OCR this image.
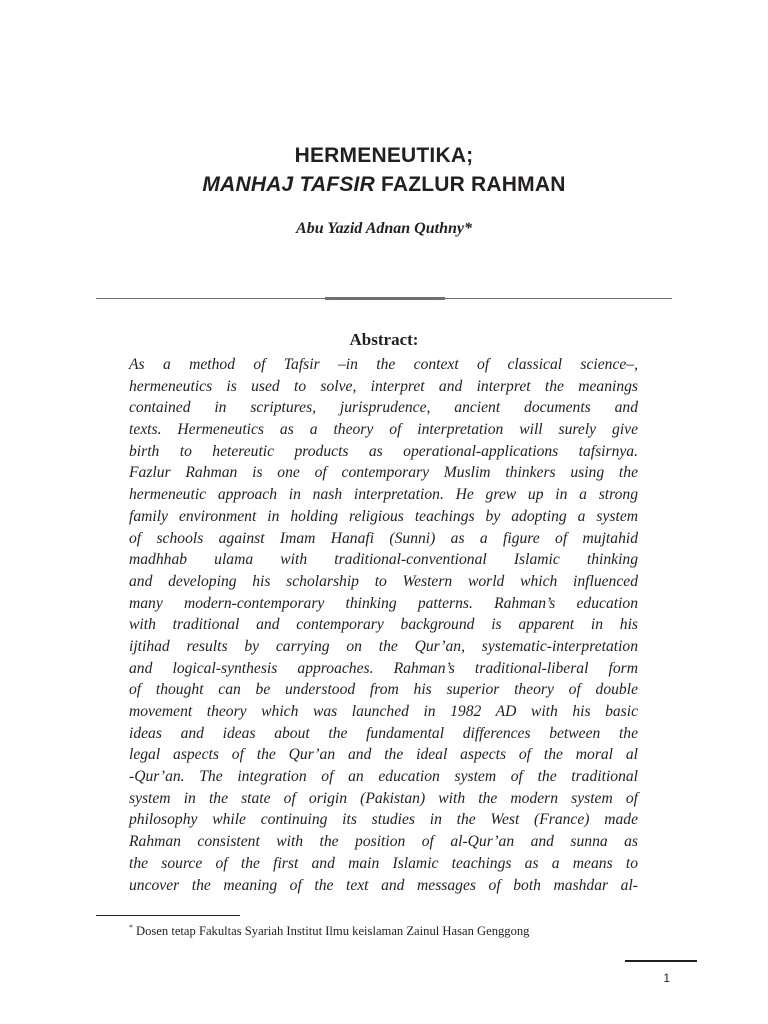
HERMENEUTIKA;
MANHAJ TAFSIR FAZLUR RAHMAN
Abu Yazid Adnan Quthny*
Abstract:
As a method of Tafsir –in the context of classical science–,
hermeneutics is used to solve, interpret and interpret the meanings
contained in scriptures, jurisprudence, ancient documents and
texts. Hermeneutics as a theory of interpretation will surely give
birth to hetereutic products as operational-applications tafsirnya.
Fazlur Rahman is one of contemporary Muslim thinkers using the
hermeneutic approach in nash interpretation. He grew up in a strong
family environment in holding religious teachings by adopting a system
of schools against Imam Hanafi (Sunni) as a figure of mujtahid
madhhab ulama with traditional-conventional Islamic thinking
and developing his scholarship to Western world which influenced
many modern-contemporary thinking patterns. Rahman’s education
with traditional and contemporary background is apparent in his
ijtihad results by carrying on the Qur’an, systematic-interpretation
and logical-synthesis approaches. Rahman’s traditional-liberal form
of thought can be understood from his superior theory of double
movement theory which was launched in 1982 AD with his basic
ideas and ideas about the fundamental differences between the
legal aspects of the Qur’an and the ideal aspects of the moral al
-Qur’an. The integration of an education system of the traditional
system in the state of origin (Pakistan) with the modern system of
philosophy while continuing its studies in the West (France) made
Rahman consistent with the position of al-Qur’an and sunna as
the source of the first and main Islamic teachings as a means to
uncover the meaning of the text and messages of both mashdar al-
* Dosen tetap Fakultas Syariah Institut Ilmu keislaman Zainul Hasan Genggong
1
